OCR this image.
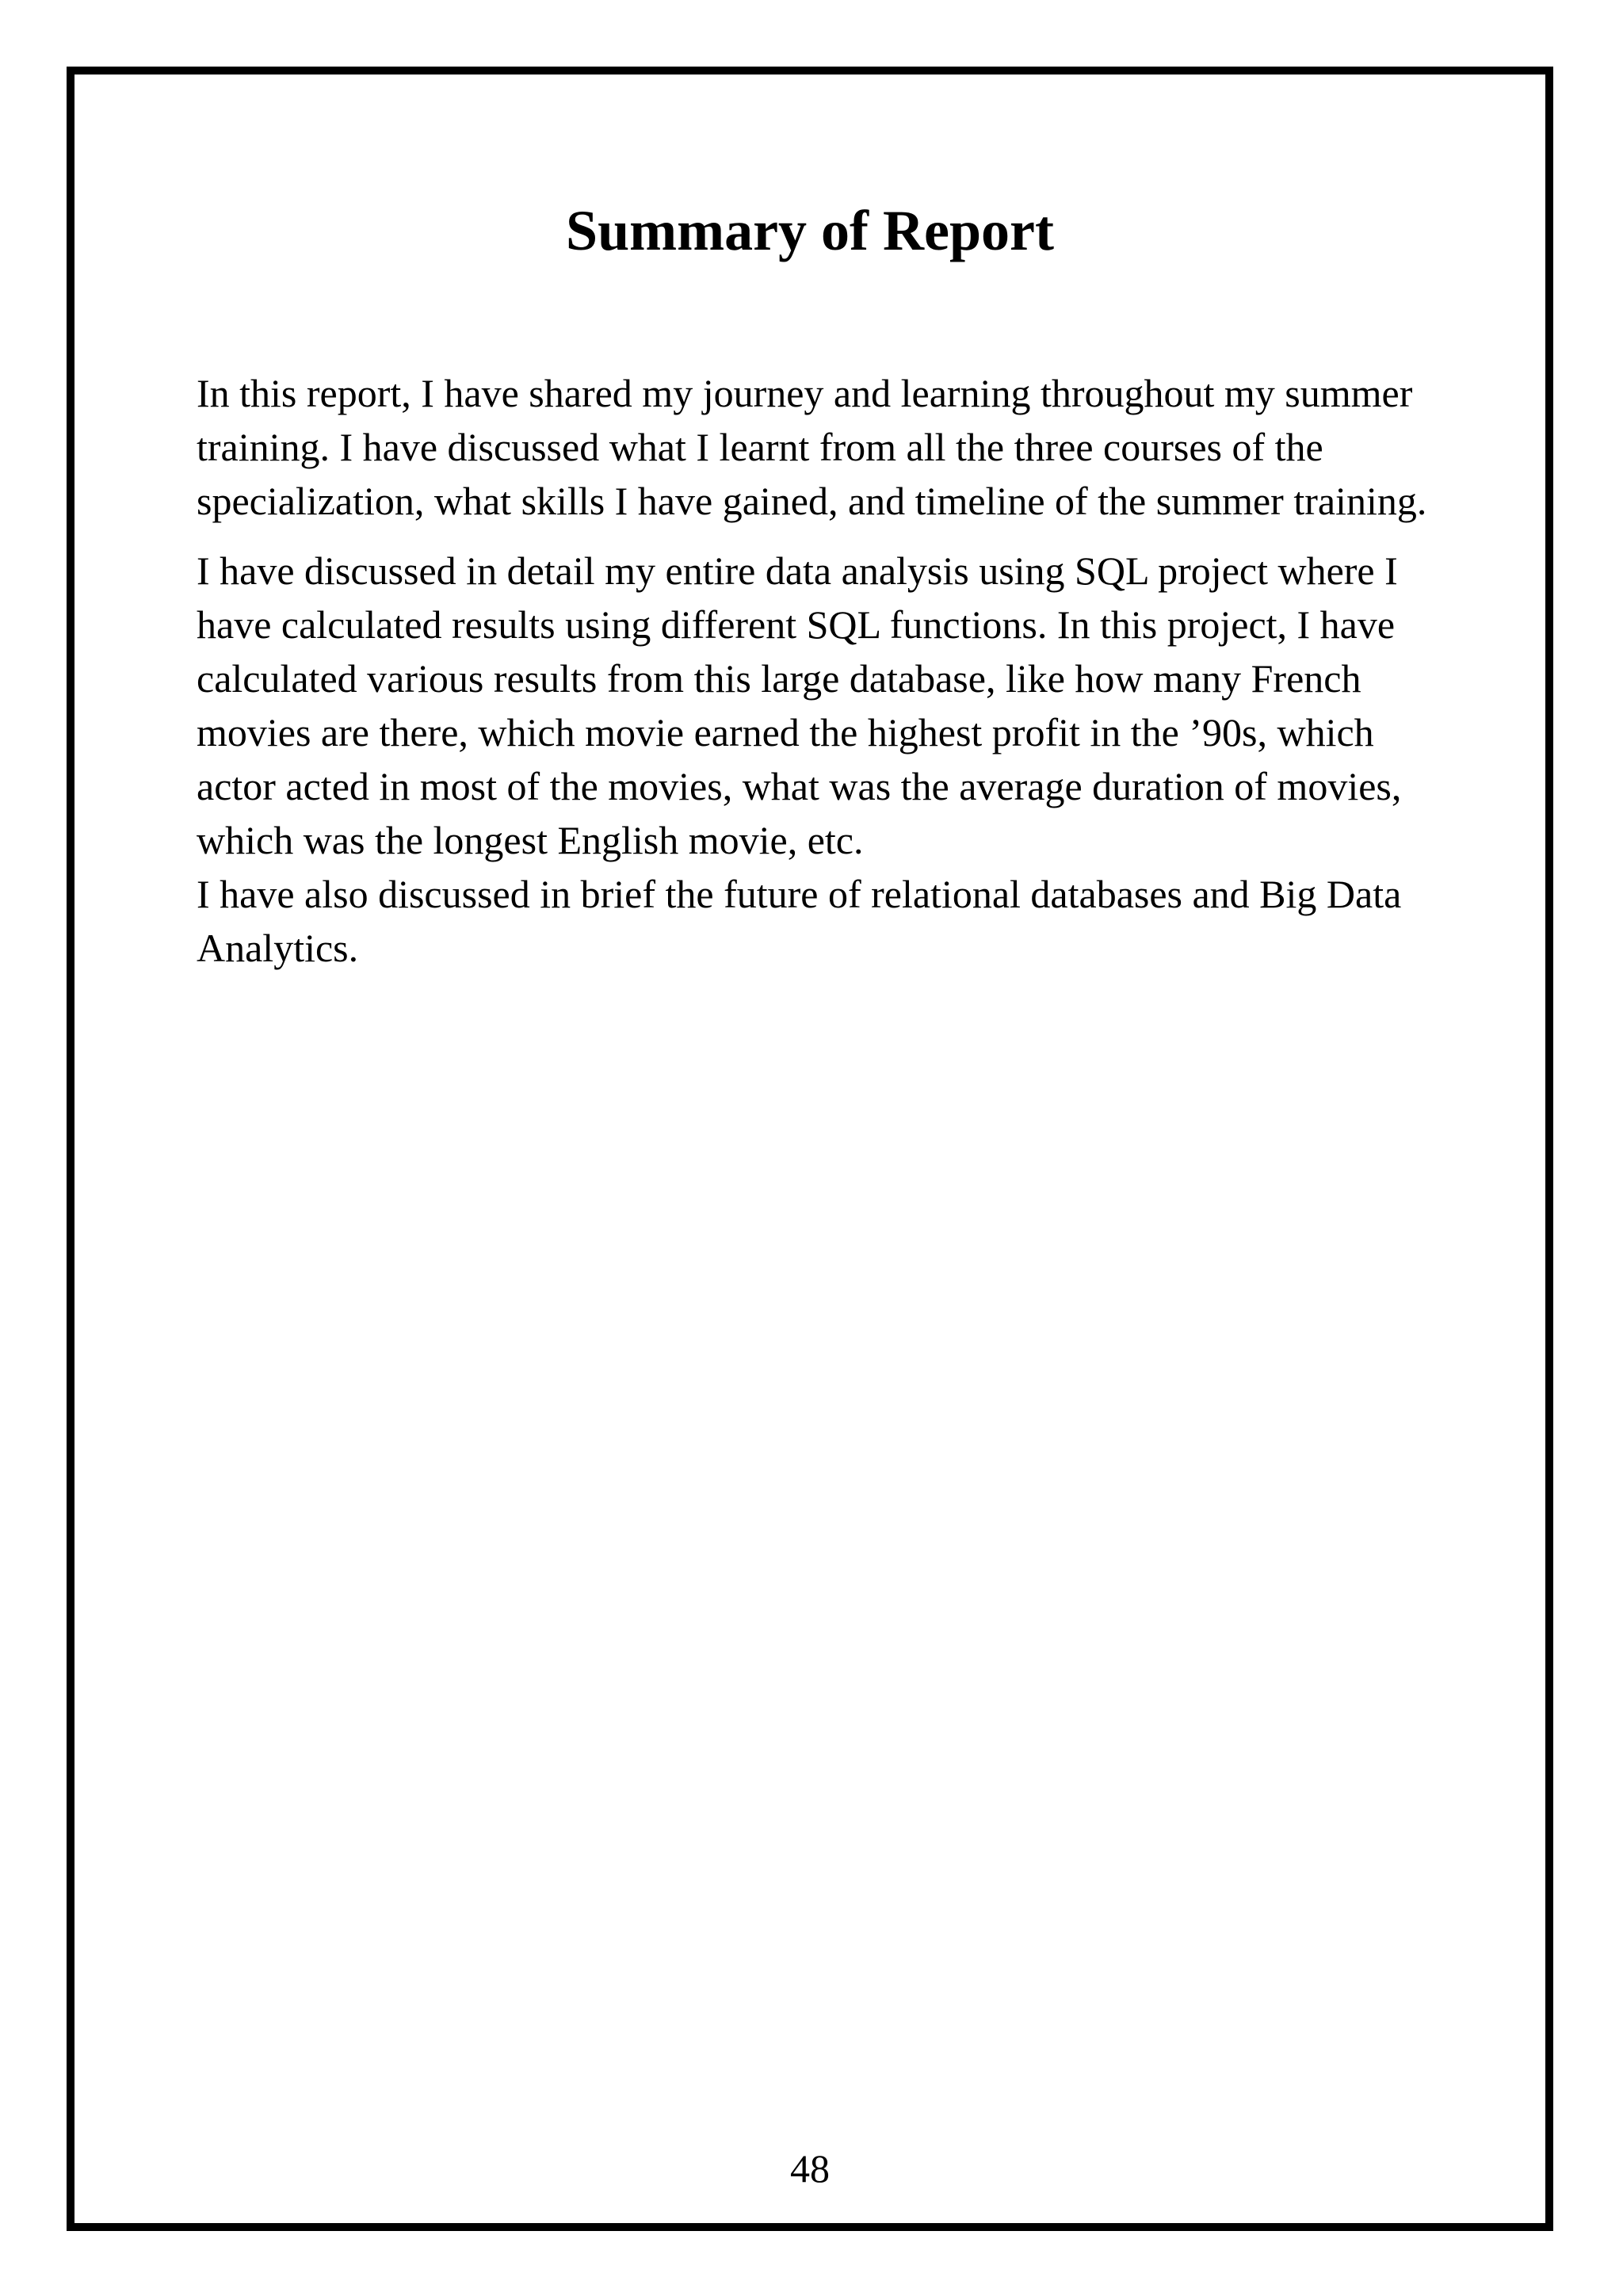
Summary of Report

In this report, I have shared my journey and learning throughout my summer training. I have discussed what I learnt from all the three courses of the specialization, what skills I have gained, and timeline of the summer training.

I have discussed in detail my entire data analysis using SQL project where I have calculated results using different SQL functions. In this project, I have calculated various results from this large database, like how many French movies are there, which movie earned the highest profit in the ’90s, which actor acted in most of the movies, what was the average duration of movies, which was the longest English movie, etc.

I have also discussed in brief the future of relational databases and Big Data Analytics.

48
